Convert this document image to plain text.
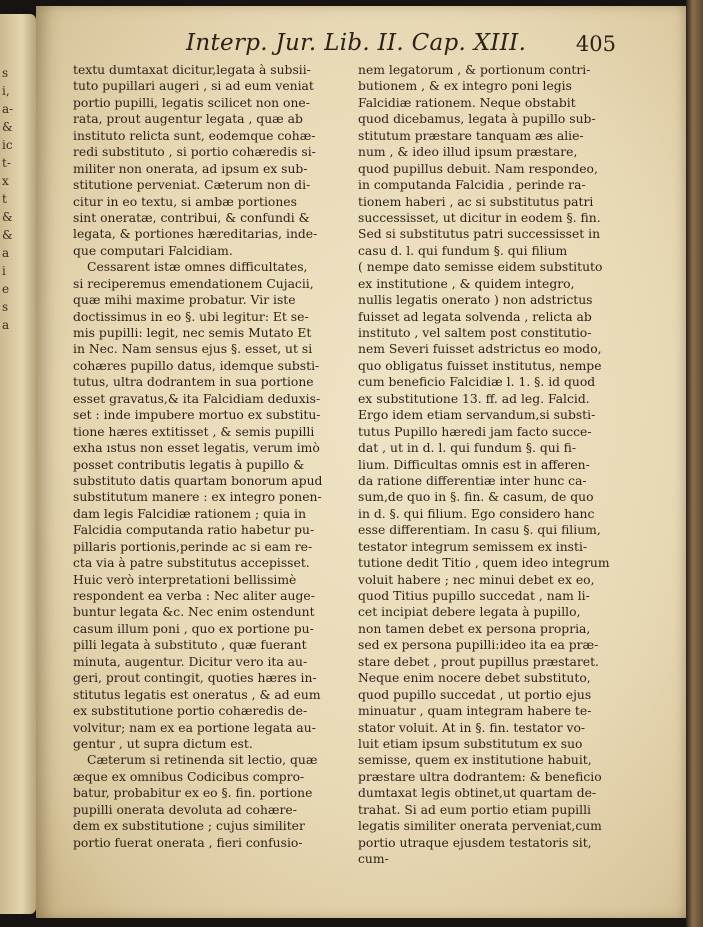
s
i,
a-
&
ic
t-
x
t
&
&
a
i
e
s
a
Interp. Jur. Lib. II. Cap. XIII. 405
textu dumtaxat dicitur,legata à subsii-
tuto pupillari augeri , si ad eum veniat
portio pupilli, legatis scilicet non one-
rata, prout augentur legata , quæ ab
instituto relicta sunt, eodemque cohæ-
redi substituto , si portio cohæredis si-
militer non onerata, ad ipsum ex sub-
stitutione perveniat. Cæterum non di-
citur in eo textu, si ambæ portiones
sint oneratæ, contribui, & confundi &
legata, & portiones hæreditarias, inde-
que computari Falcidiam.
Cessarent istæ omnes difficultates,
si reciperemus emendationem Cujacii,
quæ mihi maxime probatur. Vir iste
doctissimus in eo §. ubi legitur: Et se-
mis pupilli: legit, nec semis Mutato Et
in Nec. Nam sensus ejus §. esset, ut si
cohæres pupillo datus, idemque substi-
tutus, ultra dodrantem in sua portione
esset gravatus,& ita Falcidiam deduxis-
set : inde impubere mortuo ex substitu-
tione hæres extitisset , & semis pupilli
exha ıstus non esset legatis, verum imò
posset contributis legatis à pupillo &
substituto datis quartam bonorum apud
substitutum manere : ex integro ponen-
dam legis Falcidiæ rationem ; quia in
Falcidia computanda ratio habetur pu-
pillaris portionis,perinde ac si eam re-
cta via à patre substitutus accepisset.
Huic verò interpretationi bellissimè
respondent ea verba : Nec aliter auge-
buntur legata &c. Nec enim ostendunt
casum illum poni , quo ex portione pu-
pilli legata à substituto , quæ fuerant
minuta, augentur. Dicitur vero ita au-
geri, prout contingit, quoties hæres in-
stitutus legatis est oneratus , & ad eum
ex substitutione portio cohæredis de-
volvitur; nam ex ea portione legata au-
gentur , ut supra dictum est.
Cæterum si retinenda sit lectio, quæ
æque ex omnibus Codicibus compro-
batur, probabitur ex eo §. fin. portione
pupilli onerata devoluta ad cohære-
dem ex substitutione ; cujus similiter
portio fuerat onerata , fieri confusio-
nem legatorum , & portionum contri-
butionem , & ex integro poni legis
Falcidiæ rationem. Neque obstabit
quod dicebamus, legata à pupillo sub-
stitutum præstare tanquam æs alie-
num , & ideo illud ipsum præstare,
quod pupillus debuit. Nam respondeo,
in computanda Falcidia , perinde ra-
tionem haberi , ac si substitutus patri
successisset, ut dicitur in eodem §. fin.
Sed si substitutus patri successisset in
casu d. l. qui fundum §. qui filium
( nempe dato semisse eidem substituto
ex institutione , & quidem integro,
nullis legatis onerato ) non adstrictus
fuisset ad legata solvenda , relicta ab
instituto , vel saltem post constitutio-
nem Severi fuisset adstrictus eo modo,
quo obligatus fuisset institutus, nempe
cum beneficio Falcidiæ l. 1. §. id quod
ex substitutione 13. ff. ad leg. Falcid.
Ergo idem etiam servandum,si substi-
tutus Pupillo hæredi jam facto succe-
dat , ut in d. l. qui fundum §. qui fi-
lium. Difficultas omnis est in afferen-
da ratione differentiæ inter hunc ca-
sum,de quo in §. fin. & casum, de quo
in d. §. qui filium. Ego considero hanc
esse differentiam. In casu §. qui filium,
testator integrum semissem ex insti-
tutione dedit Titio , quem ideo integrum
voluit habere ; nec minui debet ex eo,
quod Titius pupillo succedat , nam li-
cet incipiat debere legata à pupillo,
non tamen debet ex persona propria,
sed ex persona pupilli:ideo ita ea præ-
stare debet , prout pupillus præstaret.
Neque enim nocere debet substituto,
quod pupillo succedat , ut portio ejus
minuatur , quam integram habere te-
stator voluit. At in §. fin. testator vo-
luit etiam ipsum substitutum ex suo
semisse, quem ex institutione habuit,
præstare ultra dodrantem: & beneficio
dumtaxat legis obtinet,ut quartam de-
trahat. Si ad eum portio etiam pupilli
legatis similiter onerata perveniat,cum
portio utraque ejusdem testatoris sit,
cum-
